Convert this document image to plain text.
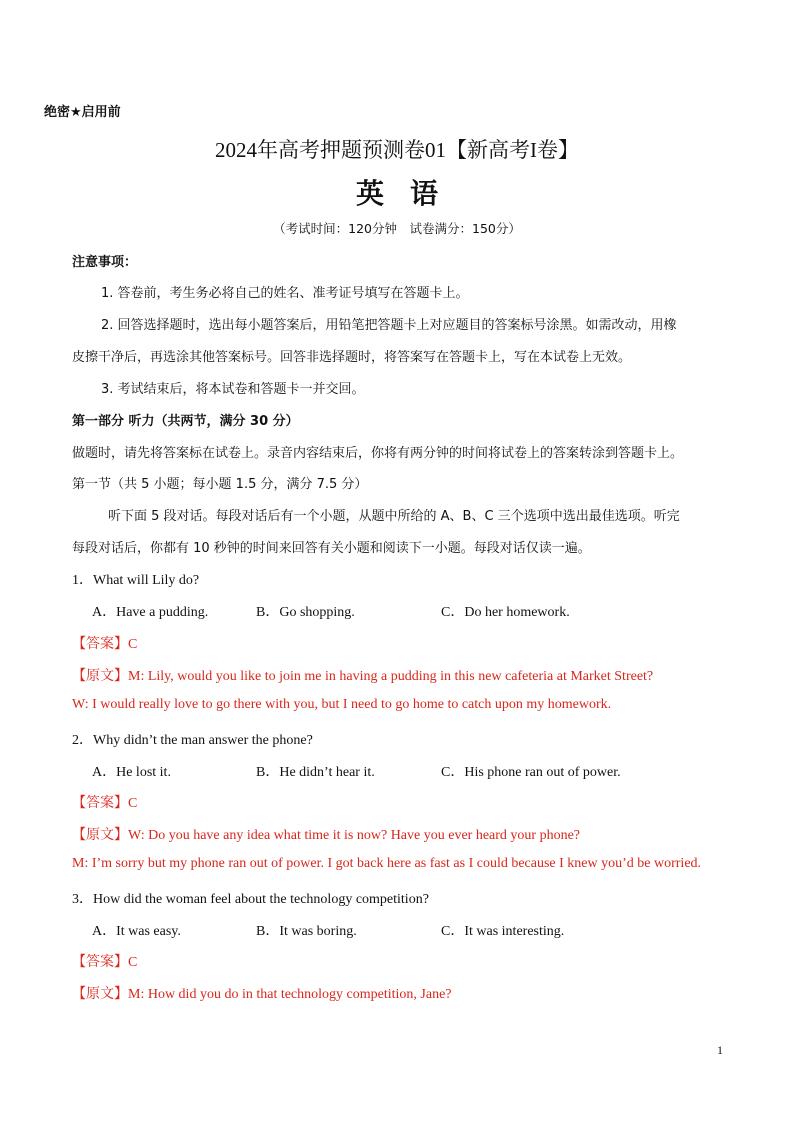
绝密★启用前
2024年高考押题预测卷01【新高考I卷】
英语
（考试时间：120分钟　试卷满分：150分）
注意事项：
1. 答卷前，考生务必将自己的姓名、准考证号填写在答题卡上。
2. 回答选择题时，选出每小题答案后，用铅笔把答题卡上对应题目的答案标号涂黑。如需改动，用橡
皮擦干净后，再选涂其他答案标号。回答非选择题时，将答案写在答题卡上，写在本试卷上无效。
3. 考试结束后，将本试卷和答题卡一并交回。
第一部分 听力（共两节，满分 30 分）
做题时，请先将答案标在试卷上。录音内容结束后，你将有两分钟的时间将试卷上的答案转涂到答题卡上。
第一节（共 5 小题；每小题 1.5 分，满分 7.5 分）
听下面 5 段对话。每段对话后有一个小题，从题中所给的 A、B、C 三个选项中选出最佳选项。听完
每段对话后，你都有 10 秒钟的时间来回答有关小题和阅读下一小题。每段对话仅读一遍。
1．What will Lily do?
A．Have a pudding.	B．Go shopping.	C．Do her homework.
【答案】C
【原文】M: Lily, would you like to join me in having a pudding in this new cafeteria at Market Street?
W: I would really love to go there with you, but I need to go home to catch upon my homework.
2．Why didn’t the man answer the phone?
A．He lost it.	B．He didn’t hear it.	C．His phone ran out of power.
【答案】C
【原文】W: Do you have any idea what time it is now? Have you ever heard your phone?
M: I’m sorry but my phone ran out of power. I got back here as fast as I could because I knew you’d be worried.
3．How did the woman feel about the technology competition?
A．It was easy.	B．It was boring.	C．It was interesting.
【答案】C
【原文】M: How did you do in that technology competition, Jane?
1
